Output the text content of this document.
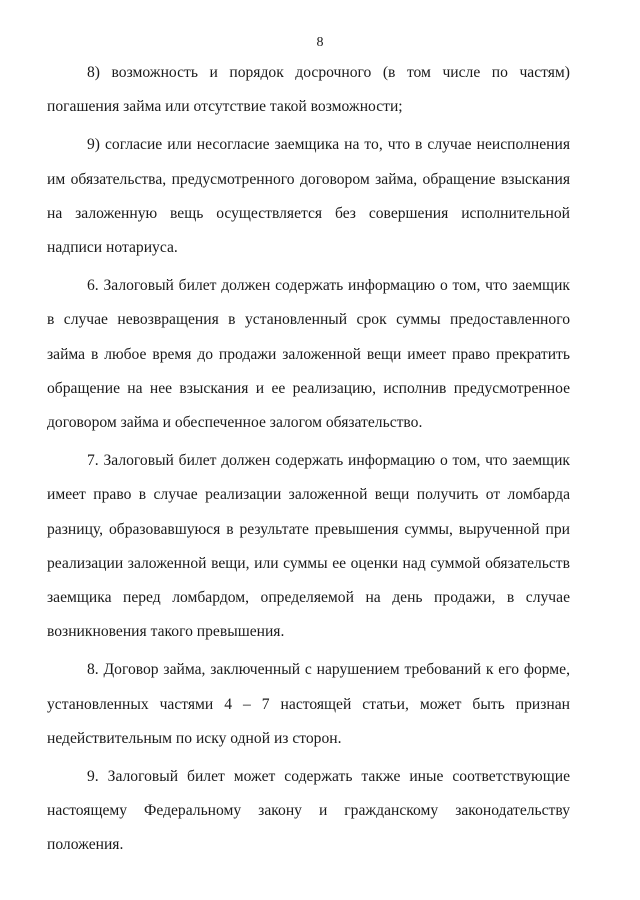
8

8) возможность и порядок досрочного (в том числе по частям) погашения займа или отсутствие такой возможности;

9) согласие или несогласие заемщика на то, что в случае неисполнения им обязательства, предусмотренного договором займа, обращение взыскания на заложенную вещь осуществляется без совершения исполнительной надписи нотариуса.

6. Залоговый билет должен содержать информацию о том, что заемщик в случае невозвращения в установленный срок суммы предоставленного займа в любое время до продажи заложенной вещи имеет право прекратить обращение на нее взыскания и ее реализацию, исполнив предусмотренное договором займа и обеспеченное залогом обязательство.

7. Залоговый билет должен содержать информацию о том, что заемщик имеет право в случае реализации заложенной вещи получить от ломбарда разницу, образовавшуюся в результате превышения суммы, вырученной при реализации заложенной вещи, или суммы ее оценки над суммой обязательств заемщика перед ломбардом, определяемой на день продажи, в случае возникновения такого превышения.

8. Договор займа, заключенный с нарушением требований к его форме, установленных частями 4 – 7 настоящей статьи, может быть признан недействительным по иску одной из сторон.

9. Залоговый билет может содержать также иные соответствующие настоящему Федеральному закону и гражданскому законодательству положения.
